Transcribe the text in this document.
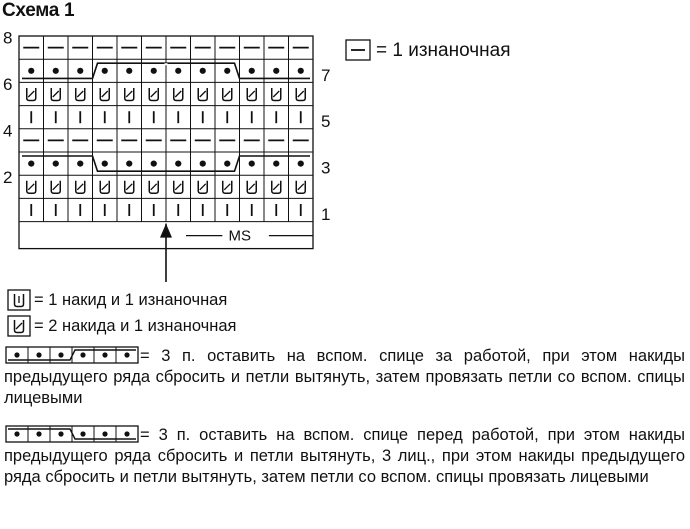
Схема 1
1
2	3
4	5
6	7
8
MS
= 1 изнаночная
= 1 накид и 1 изнаночная
= 2 накида и 1 изнаночная
= 3 п. оставить на вспом. спице за работой, при этом накиды предыдущего ряда сбросить и петли вытянуть, затем провязать петли со вспом. спицы лицевыми
= 3 п. оставить на вспом. спице перед работой, при этом накиды предыдущего ряда сбросить и петли вытянуть, 3 лиц., при этом накиды предыдущего ряда сбросить и петли вытянуть, затем петли со вспом. спицы провязать лицевыми
